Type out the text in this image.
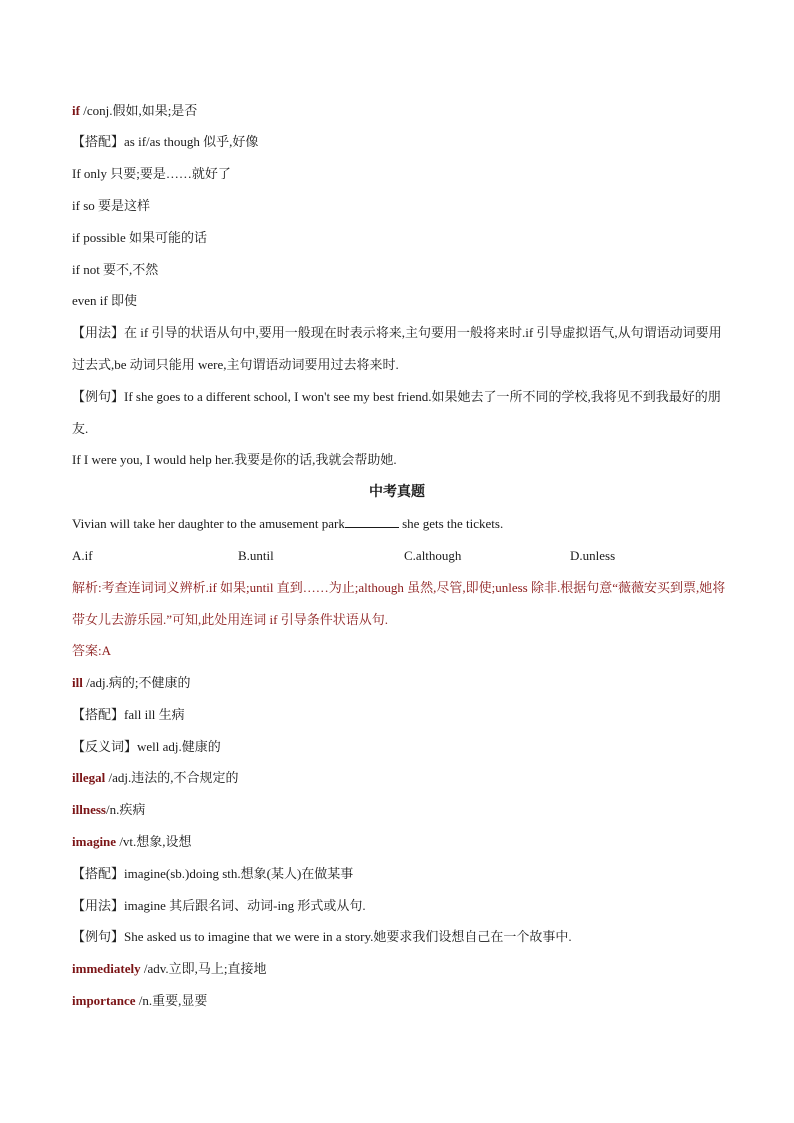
if /conj.假如,如果;是否
【搭配】as if/as though 似乎,好像
If only 只要;要是……就好了
if so 要是这样
if possible 如果可能的话
if not 要不,不然
even if 即使
【用法】在 if 引导的状语从句中,要用一般现在时表示将来,主句要用一般将来时.if 引导虚拟语气,从句谓语动词要用过去式,be 动词只能用 were,主句谓语动词要用过去将来时.
【例句】If she goes to a different school, I won't see my best friend.如果她去了一所不同的学校,我将见不到我最好的朋友.
If I were you, I would help her.我要是你的话,我就会帮助她.
中考真题
Vivian will take her daughter to the amusement park	she gets the tickets.
A.if	B.until	C.although	D.unless
解析:考查连词词义辨析.if 如果;until 直到……为止;although 虽然,尽管,即使;unless 除非.根据句意“薇薇安买到票,她将带女儿去游乐园.”可知,此处用连词 if 引导条件状语从句.
答案:A
ill /adj.病的;不健康的
【搭配】fall ill 生病
【反义词】well adj.健康的
illegal /adj.违法的,不合规定的
illness/n.疾病
imagine /vt.想象,设想
【搭配】imagine(sb.)doing sth.想象(某人)在做某事
【用法】imagine 其后跟名词、动词-ing 形式或从句.
【例句】She asked us to imagine that we were in a story.她要求我们设想自己在一个故事中.
immediately /adv.立即,马上;直接地
importance /n.重要,显要
